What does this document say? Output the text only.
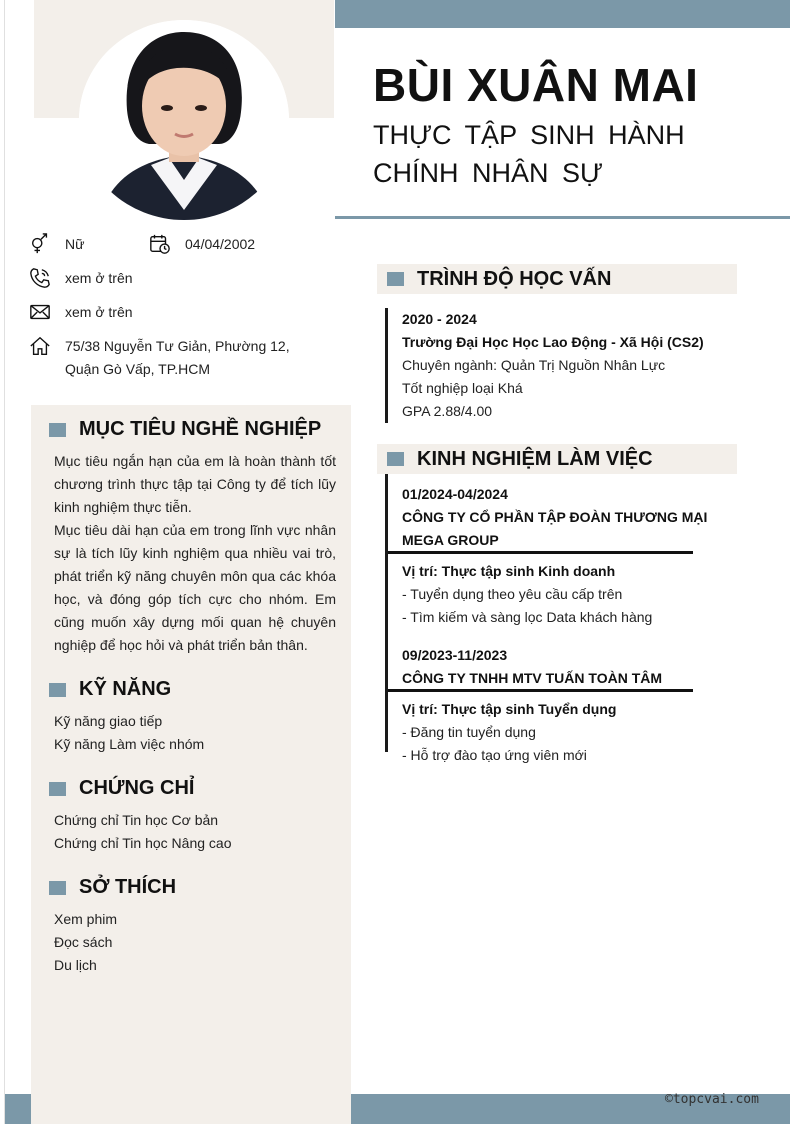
BÙI XUÂN MAI
THỰC TẬP SINH HÀNH CHÍNH NHÂN SỰ
Nữ	04/04/2002
xem ở trên
xem ở trên
75/38 Nguyễn Tư Giản, Phường 12, Quận Gò Vấp, TP.HCM
MỤC TIÊU NGHỀ NGHIỆP

Mục tiêu ngắn hạn của em là hoàn thành tốt chương trình thực tập tại Công ty để tích lũy kinh nghiệm thực tiễn.

Mục tiêu dài hạn của em trong lĩnh vực nhân sự là tích lũy kinh nghiệm qua nhiều vai trò, phát triển kỹ năng chuyên môn qua các khóa học, và đóng góp tích cực cho nhóm. Em cũng muốn xây dựng mối quan hệ chuyên nghiệp để học hỏi và phát triển bản thân.

KỸ NĂNG
Kỹ năng giao tiếp
Kỹ năng Làm việc nhóm
CHỨNG CHỈ
Chứng chỉ Tin học Cơ bản
Chứng chỉ Tin học Nâng cao
SỞ THÍCH
Xem phim
Đọc sách
Du lịch
TRÌNH ĐỘ HỌC VẤN
2020 - 2024
Trường Đại Học Học Lao Động - Xã Hội (CS2)
Chuyên ngành: Quản Trị Nguồn Nhân Lực
Tốt nghiệp loại Khá
GPA 2.88/4.00
KINH NGHIỆM LÀM VIỆC
01/2024-04/2024
CÔNG TY CỔ PHẦN TẬP ĐOÀN THƯƠNG MẠI MEGA GROUP
Vị trí: Thực tập sinh Kinh doanh
- Tuyển dụng theo yêu cầu cấp trên
- Tìm kiếm và sàng lọc Data khách hàng
09/2023-11/2023
CÔNG TY TNHH MTV TUẤN TOÀN TÂM
Vị trí: Thực tập sinh Tuyển dụng
- Đăng tin tuyển dụng
- Hỗ trợ đào tạo ứng viên mới
©topcvai.com
